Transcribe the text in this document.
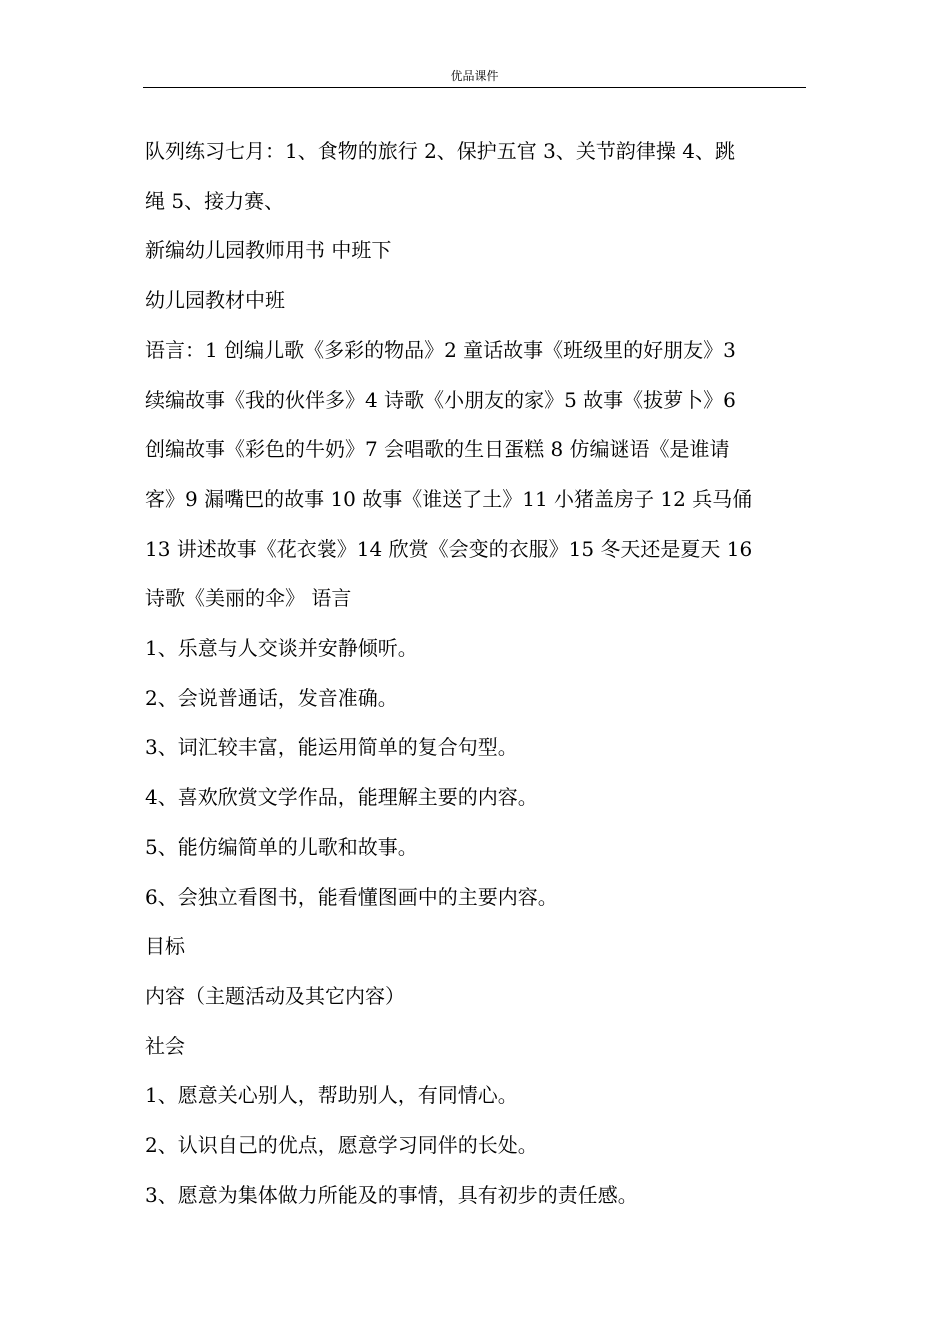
优品课件

队列练习七月：1、食物的旅行 2、保护五官 3、关节韵律操 4、跳
绳 5、接力赛、

新编幼儿园教师用书 中班下

幼儿园教材中班

语言：1 创编儿歌《多彩的物品》2 童话故事《班级里的好朋友》3
续编故事《我的伙伴多》4 诗歌《小朋友的家》5 故事《拔萝卜》6
创编故事《彩色的牛奶》7 会唱歌的生日蛋糕 8 仿编谜语《是谁请
客》9 漏嘴巴的故事 10 故事《谁送了土》11 小猪盖房子 12 兵马俑
13 讲述故事《花衣裳》14 欣赏《会变的衣服》15 冬天还是夏天 16
诗歌《美丽的伞》 语言

1、乐意与人交谈并安静倾听。

2、会说普通话，发音准确。

3、词汇较丰富，能运用简单的复合句型。

4、喜欢欣赏文学作品，能理解主要的内容。

5、能仿编简单的儿歌和故事。

6、会独立看图书，能看懂图画中的主要内容。

目标

内容（主题活动及其它内容）

社会

1、愿意关心别人，帮助别人，有同情心。

2、认识自己的优点，愿意学习同伴的长处。

3、愿意为集体做力所能及的事情，具有初步的责任感。
